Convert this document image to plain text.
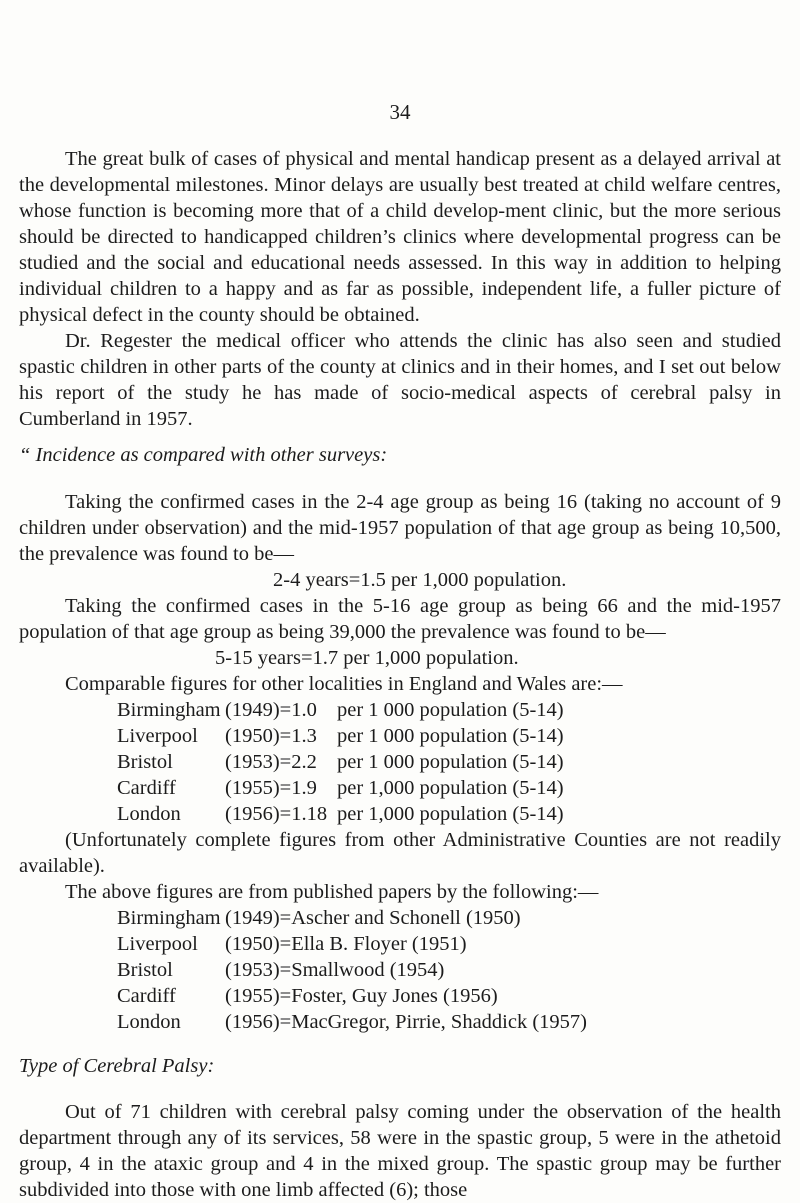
34

The great bulk of cases of physical and mental handicap present as a delayed arrival at the developmental milestones. Minor delays are usually best treated at child welfare centres, whose function is becoming more that of a child develop-ment clinic, but the more serious should be directed to handicapped children’s clinics where developmental progress can be studied and the social and educational needs assessed. In this way in addition to helping individual children to a happy and as far as possible, independent life, a fuller picture of physical defect in the county should be obtained.

Dr. Regester the medical officer who attends the clinic has also seen and studied spastic children in other parts of the county at clinics and in their homes, and I set out below his report of the study he has made of socio-medical aspects of cerebral palsy in Cumberland in 1957.

“ Incidence as compared with other surveys:

Taking the confirmed cases in the 2-4 age group as being 16 (taking no account of 9 children under observation) and the mid-1957 population of that age group as being 10,500, the prevalence was found to be—

2-4 years=1.5 per 1,000 population.

Taking the confirmed cases in the 5-16 age group as being 66 and the mid-1957 population of that age group as being 39,000 the prevalence was found to be—

5-15 years=1.7 per 1,000 population.

Comparable figures for other localities in England and Wales are:—

Birmingham	(1949)=1.0	per 1 000 population (5-14)
Liverpool	(1950)=1.3	per 1 000 population (5-14)
Bristol	(1953)=2.2	per 1 000 population (5-14)
Cardiff	(1955)=1.9	per 1,000 population (5-14)
London	(1956)=1.18	per 1,000 population (5-14)

(Unfortunately complete figures from other Administrative Counties are not readily available).

The above figures are from published papers by the following:—

Birmingham	(1949)=Ascher and Schonell (1950)
Liverpool	(1950)=Ella B. Floyer (1951)
Bristol	(1953)=Smallwood (1954)
Cardiff	(1955)=Foster, Guy Jones (1956)
London	(1956)=MacGregor, Pirrie, Shaddick (1957)

Type of Cerebral Palsy:

Out of 71 children with cerebral palsy coming under the observation of the health department through any of its services, 58 were in the spastic group, 5 were in the athetoid group, 4 in the ataxic group and 4 in the mixed group. The spastic group may be further subdivided into those with one limb affected (6); those
